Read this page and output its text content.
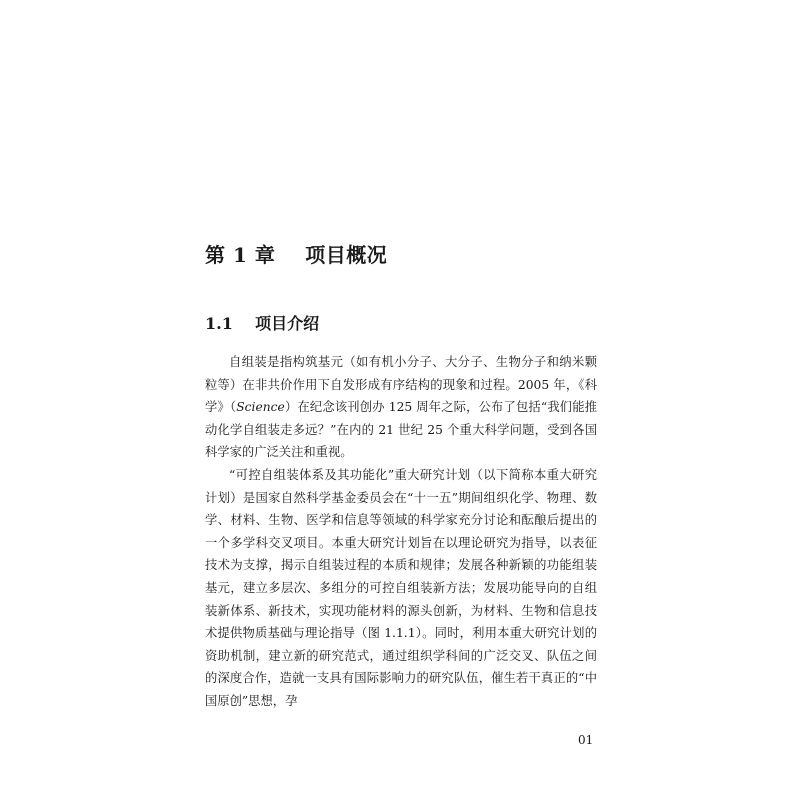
第 1 章    项目概况
1.1    项目介绍

自组装是指构筑基元（如有机小分子、大分子、生物分子和纳米颗粒等）在非共价作用下自发形成有序结构的现象和过程。2005 年，《科学》（Science）在纪念该刊创办 125 周年之际，公布了包括“我们能推动化学自组装走多远？”在内的 21 世纪 25 个重大科学问题，受到各国科学家的广泛关注和重视。

“可控自组装体系及其功能化”重大研究计划（以下简称本重大研究计划）是国家自然科学基金委员会在“十一五”期间组织化学、物理、数学、材料、生物、医学和信息等领域的科学家充分讨论和酝酿后提出的一个多学科交叉项目。本重大研究计划旨在以理论研究为指导，以表征技术为支撑，揭示自组装过程的本质和规律；发展各种新颖的功能组装基元，建立多层次、多组分的可控自组装新方法；发展功能导向的自组装新体系、新技术，实现功能材料的源头创新，为材料、生物和信息技术提供物质基础与理论指导（图 1.1.1）。同时，利用本重大研究计划的资助机制，建立新的研究范式，通过组织学科间的广泛交叉、队伍之间的深度合作，造就一支具有国际影响力的研究队伍，催生若干真正的“中国原创”思想，孕

01
